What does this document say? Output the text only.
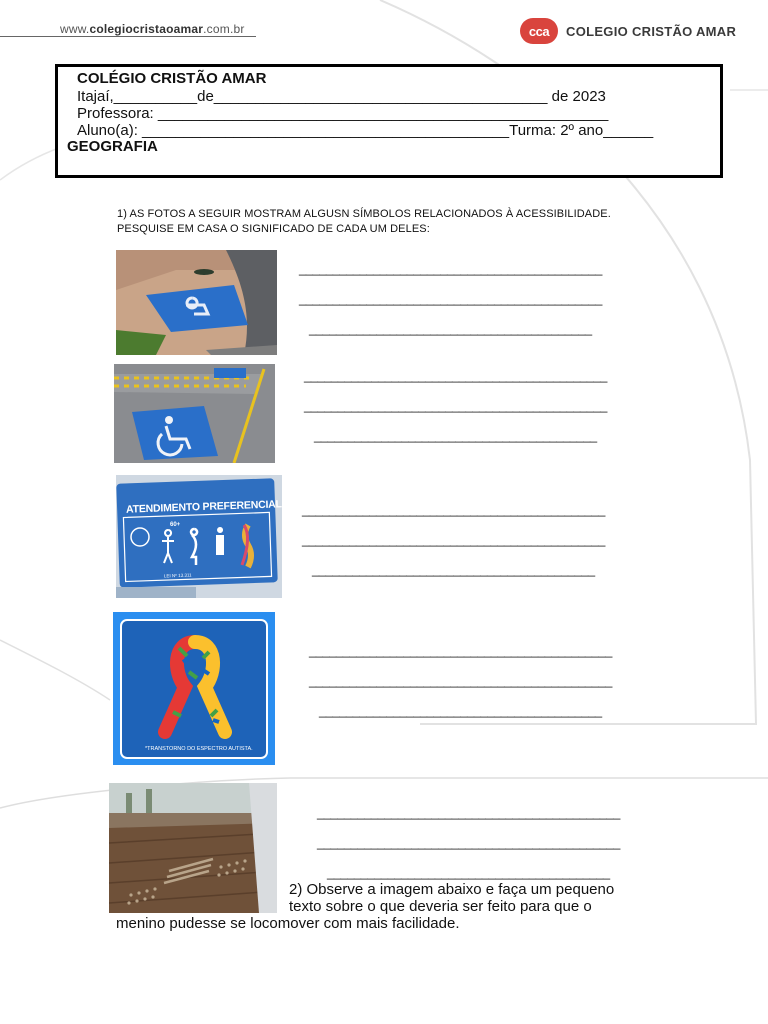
www.colegiocristaoamar.com.br	cca	COLEGIO CRISTÃO AMAR
COLÉGIO CRISTÃO AMAR
Itajaí,__________de________________________________________ de 2023
Professora: ______________________________________________________
Aluno(a): ____________________________________________Turma: 2º ano______
GEOGRAFIA
1) AS FOTOS A SEGUIR MOSTRAM ALGUSN SÍMBOLOS RELACIONADOS À ACESSIBILIDADE. PESQUISE EM CASA O SIGNIFICADO DE CADA UM DELES:
_____________________________________________
_____________________________________________
__________________________________________
_____________________________________________
_____________________________________________
__________________________________________
ATENDIMENTO PREFERENCIAL
60+
LEI Nº 13.311
_____________________________________________
_____________________________________________
__________________________________________
*TRANSTORNO DO ESPECTRO AUTISTA.
_____________________________________________
_____________________________________________
__________________________________________
_____________________________________________
_____________________________________________
__________________________________________
2) Observe a imagem abaixo e faça um pequeno
texto sobre o que deveria ser feito para que o
menino pudesse se locomover com mais facilidade.
